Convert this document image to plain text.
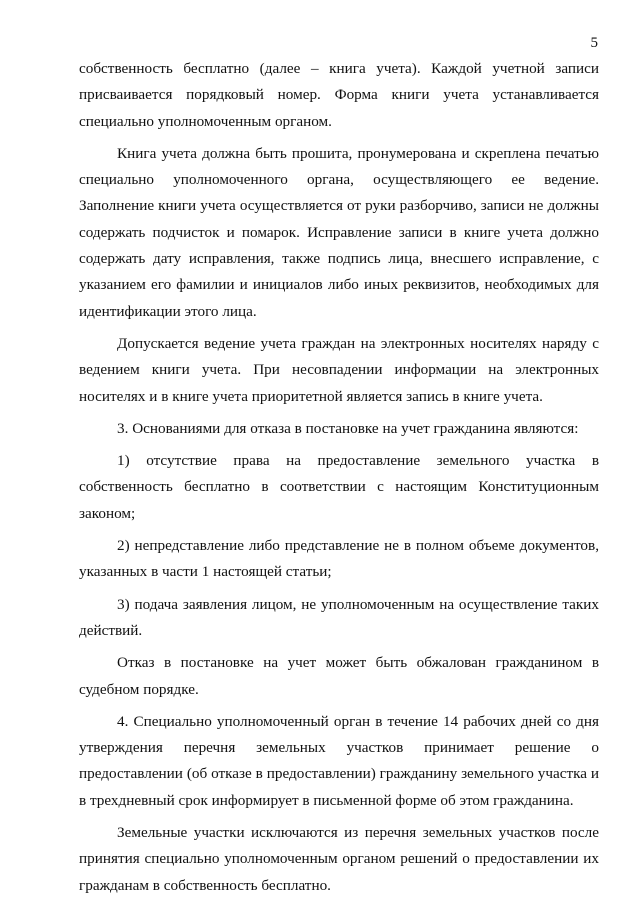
5

собственность бесплатно (далее – книга учета). Каждой учетной записи присваивается порядковый номер. Форма книги учета устанавливается специально уполномоченным органом.

Книга учета должна быть прошита, пронумерована и скреплена печатью специально уполномоченного органа, осуществляющего ее ведение. Заполнение книги учета осуществляется от руки разборчиво, записи не должны содержать подчисток и помарок. Исправление записи в книге учета должно содержать дату исправления, также подпись лица, внесшего исправление, с указанием его фамилии и инициалов либо иных реквизитов, необходимых для идентификации этого лица.

Допускается ведение учета граждан на электронных носителях наряду с ведением книги учета. При несовпадении информации на электронных носителях и в книге учета приоритетной является запись в книге учета.

3. Основаниями для отказа в постановке на учет гражданина являются:

1) отсутствие права на предоставление земельного участка в собственность бесплатно в соответствии с настоящим Конституционным законом;

2) непредставление либо представление не в полном объеме документов, указанных в части 1 настоящей статьи;

3) подача заявления лицом, не уполномоченным на осуществление таких действий.

Отказ в постановке на учет может быть обжалован гражданином в судебном порядке.

4. Специально уполномоченный орган в течение 14 рабочих дней со дня утверждения перечня земельных участков принимает решение о предоставлении (об отказе в предоставлении) гражданину земельного участка и в трехдневный срок информирует в письменной форме об этом гражданина.

Земельные участки исключаются из перечня земельных участков после принятия специально уполномоченным органом решений о предоставлении их гражданам в собственность бесплатно.
